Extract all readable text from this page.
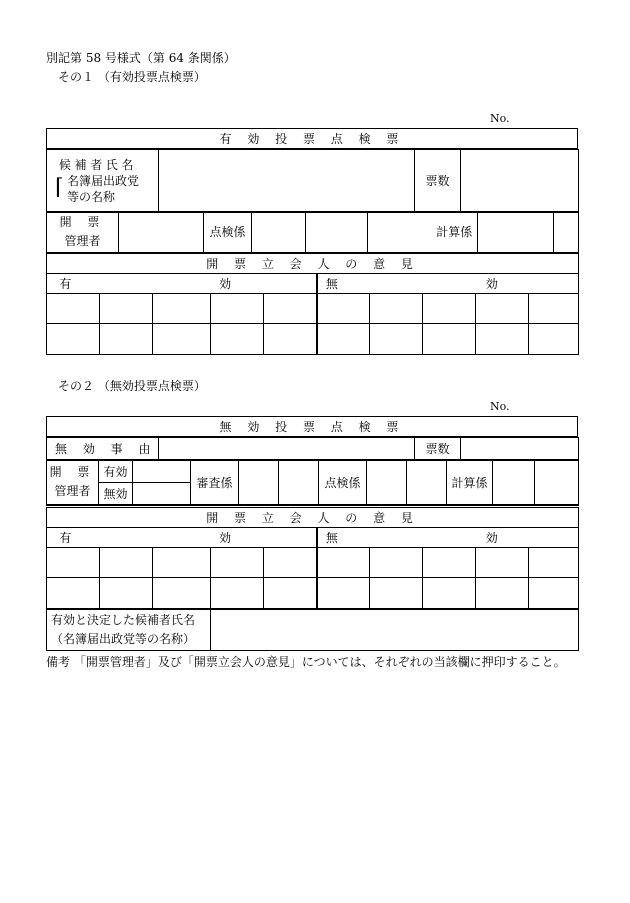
別記第 58 号様式（第 64 条関係）
その１ （有効投票点検票）
No.
有 効 投 票 点 検 票
候補者氏名
⌈ 名簿届出政党
等の名称
		票数	
開 票
管理者
		点検係				計算係		
開 票 立 会 人 の 意 見									
有 効					無 効				

その２ （無効投票点検票）
No.
無 効 投 票 点 検 票
無 効 事 由		票数	
開 票
管理者	有効		審査係			点検係			計算係		
	無効										
開 票 立 会 人 の 意 見									
有 効					無 効				

有効と決定した候補者氏名
（名簿届出政党等の名称）

備考 「開票管理者」及び「開票立会人の意見」については、それぞれの当該欄に押印すること。
